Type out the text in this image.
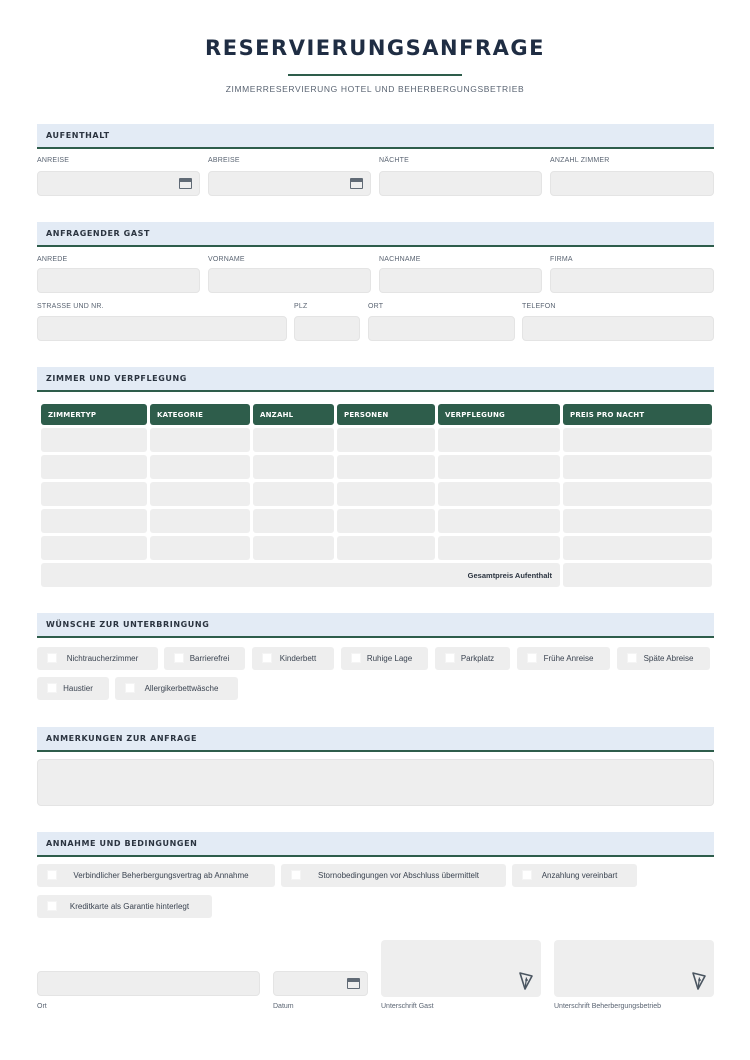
RESERVIERUNGSANFRAGE
ZIMMERRESERVIERUNG HOTEL UND BEHERBERGUNGSBETRIEB
AUFENTHALT
ANREISE	ABREISE	NÄCHTE	ANZAHL ZIMMER
ANFRAGENDER GAST
ANREDE	VORNAME	NACHNAME	FIRMA
STRASSE UND NR.	PLZ	ORT	TELEFON
ZIMMER UND VERPFLEGUNG
ZIMMERTYP	KATEGORIE	ANZAHL	PERSONEN	VERPFLEGUNG	PREIS PRO NACHT

Gesamtpreis Aufenthalt					
WÜNSCHE ZUR UNTERBRINGUNG
Nichtraucherzimmer	Barrierefrei	Kinderbett	Ruhige Lage	Parkplatz	Frühe Anreise	Späte Abreise
Haustier	Allergikerbettwäsche
ANMERKUNGEN ZUR ANFRAGE
ANNAHME UND BEDINGUNGEN
Verbindlicher Beherbergungsvertrag ab Annahme	Stornobedingungen vor Abschluss übermittelt	Anzahlung vereinbart
Kreditkarte als Garantie hinterlegt
Ort	Datum	Unterschrift Gast	Unterschrift Beherbergungsbetrieb
